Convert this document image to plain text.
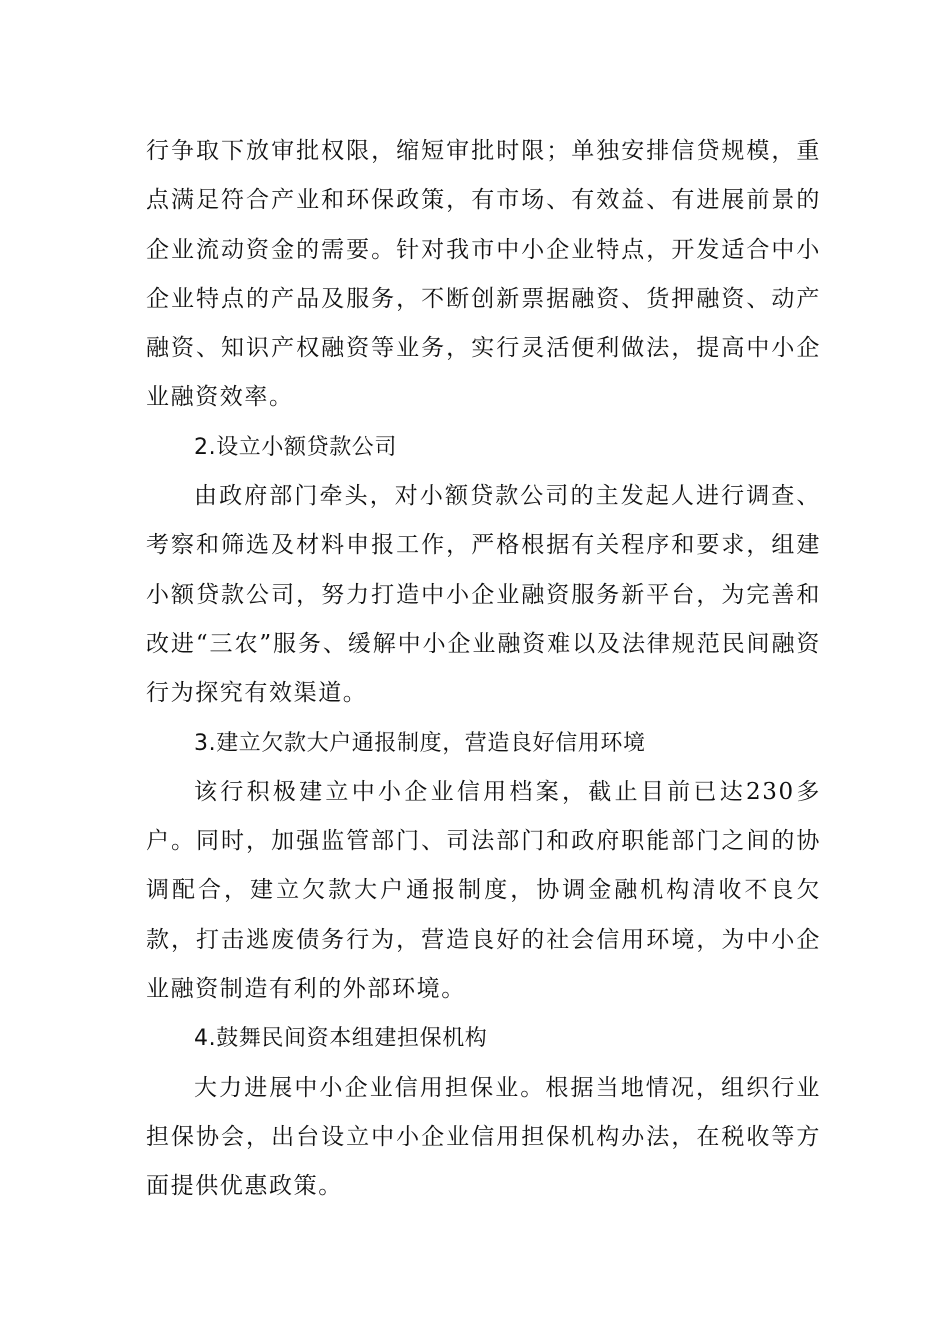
行争取下放审批权限，缩短审批时限；单独安排信贷规模，重点满足符合产业和环保政策，有市场、有效益、有进展前景的企业流动资金的需要。针对我市中小企业特点，开发适合中小企业特点的产品及服务，不断创新票据融资、货押融资、动产融资、知识产权融资等业务，实行灵活便利做法，提高中小企业融资效率。

2.设立小额贷款公司

由政府部门牵头，对小额贷款公司的主发起人进行调查、考察和筛选及材料申报工作，严格根据有关程序和要求，组建小额贷款公司，努力打造中小企业融资服务新平台，为完善和改进“三农”服务、缓解中小企业融资难以及法律规范民间融资行为探究有效渠道。

3.建立欠款大户通报制度，营造良好信用环境

该行积极建立中小企业信用档案，截止目前已达230多户。同时，加强监管部门、司法部门和政府职能部门之间的协调配合，建立欠款大户通报制度，协调金融机构清收不良欠款，打击逃废债务行为，营造良好的社会信用环境，为中小企业融资制造有利的外部环境。

4.鼓舞民间资本组建担保机构

大力进展中小企业信用担保业。根据当地情况，组织行业担保协会，出台设立中小企业信用担保机构办法，在税收等方面提供优惠政策。
